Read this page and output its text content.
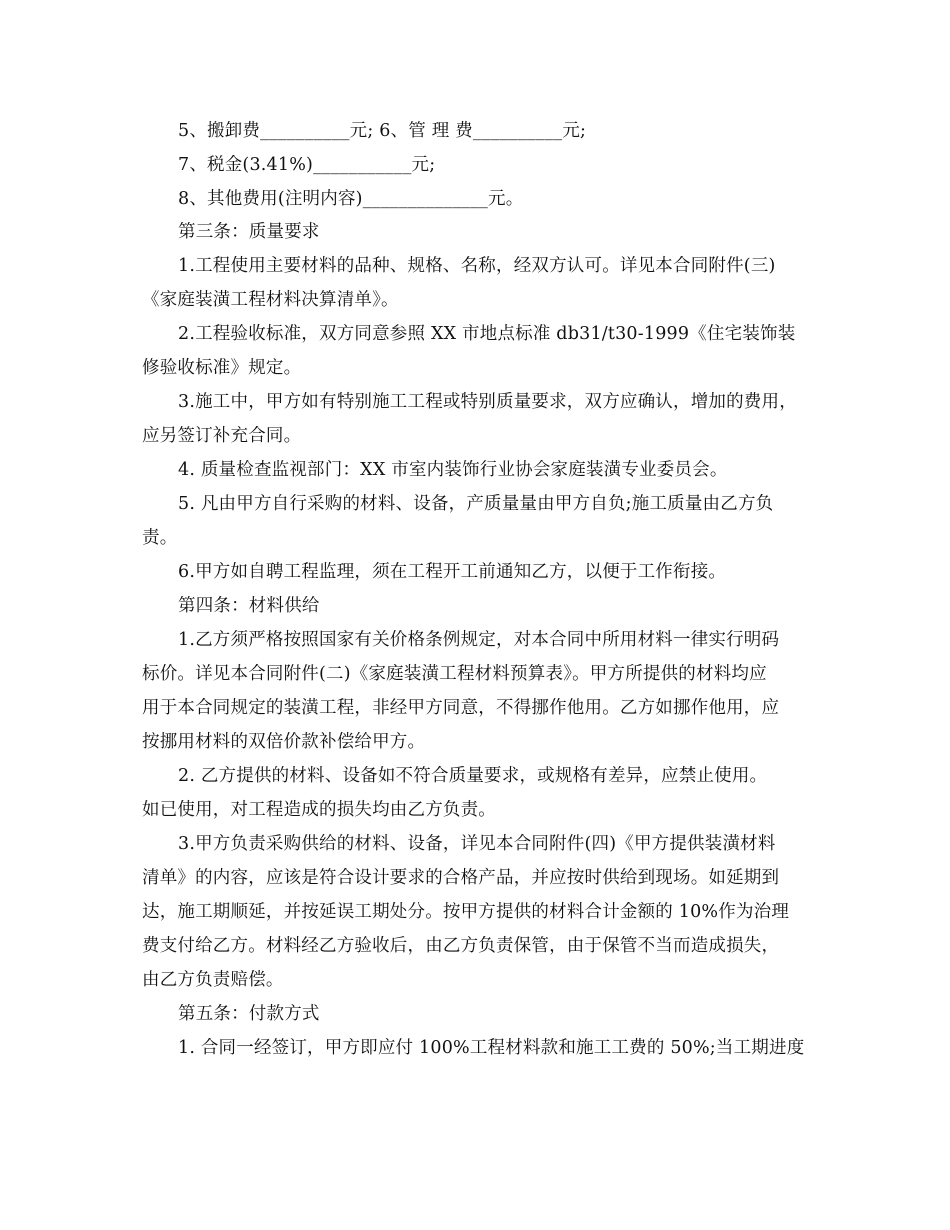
5、搬卸费__________元; 6、管 理 费__________元;
7、税金(3.41%)___________元;
8、其他费用(注明内容)______________元。
第三条：质量要求
1.工程使用主要材料的品种、规格、名称，经双方认可。详见本合同附件(三)
《家庭装潢工程材料决算清单》。
2.工程验收标准，双方同意参照 XX 市地点标准 db31/t30-1999《住宅装饰装
修验收标准》规定。
3.施工中，甲方如有特别施工工程或特别质量要求，双方应确认，增加的费用，
应另签订补充合同。
4. 质量检查监视部门：XX 市室内装饰行业协会家庭装潢专业委员会。
5. 凡由甲方自行采购的材料、设备，产质量量由甲方自负;施工质量由乙方负
责。
6.甲方如自聘工程监理，须在工程开工前通知乙方，以便于工作衔接。
第四条：材料供给
1.乙方须严格按照国家有关价格条例规定，对本合同中所用材料一律实行明码
标价。详见本合同附件(二)《家庭装潢工程材料预算表》。甲方所提供的材料均应
用于本合同规定的装潢工程，非经甲方同意，不得挪作他用。乙方如挪作他用，应
按挪用材料的双倍价款补偿给甲方。
2. 乙方提供的材料、设备如不符合质量要求，或规格有差异，应禁止使用。
如已使用，对工程造成的损失均由乙方负责。
3.甲方负责采购供给的材料、设备，详见本合同附件(四)《甲方提供装潢材料
清单》的内容，应该是符合设计要求的合格产品，并应按时供给到现场。如延期到
达，施工期顺延，并按延误工期处分。按甲方提供的材料合计金额的 10%作为治理
费支付给乙方。材料经乙方验收后，由乙方负责保管，由于保管不当而造成损失，
由乙方负责赔偿。
第五条：付款方式
1. 合同一经签订，甲方即应付 100%工程材料款和施工工费的 50%;当工期进度
